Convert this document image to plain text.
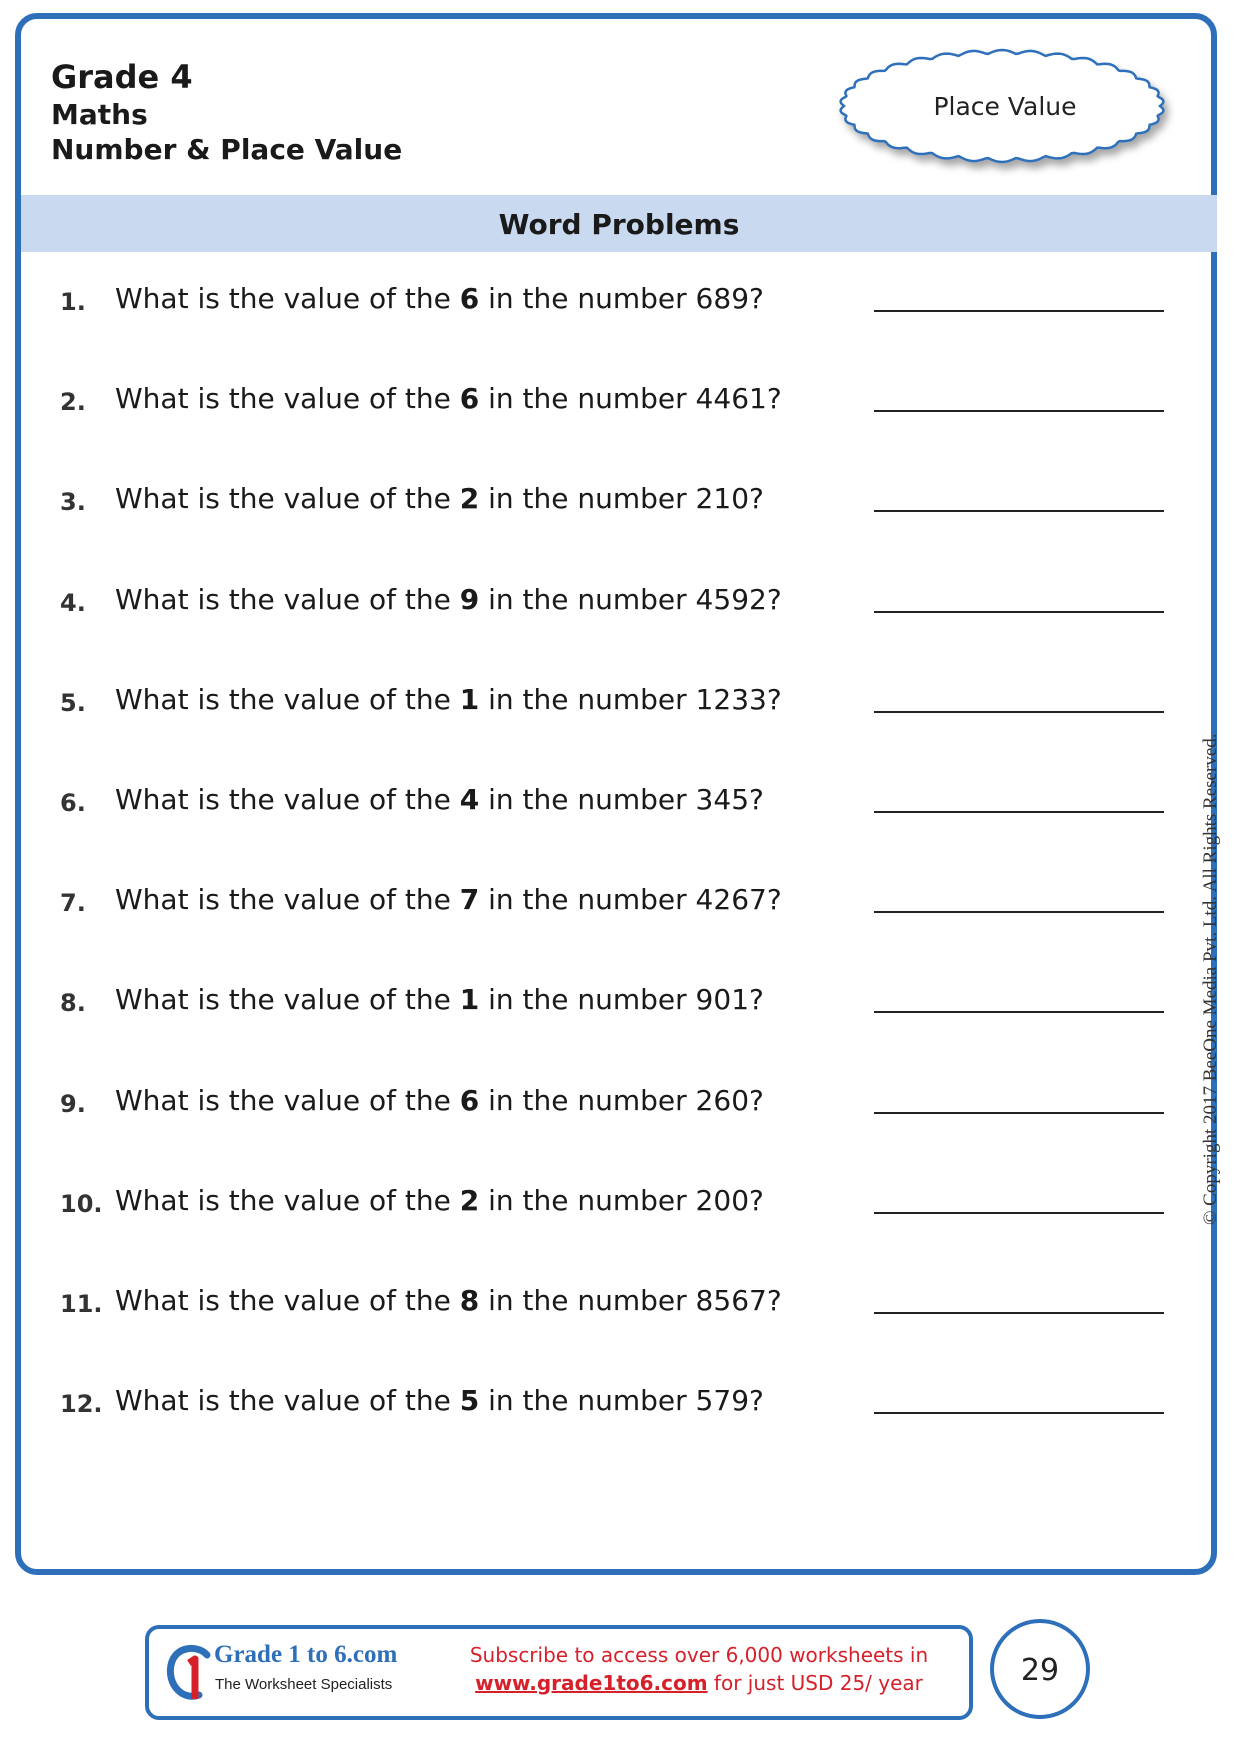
Grade 4
Maths
Number & Place Value
Place Value
Word Problems
1.	What is the value of the 6 in the number 689?
2.	What is the value of the 6 in the number 4461?
3.	What is the value of the 2 in the number 210?
4.	What is the value of the 9 in the number 4592?
5.	What is the value of the 1 in the number 1233?
6.	What is the value of the 4 in the number 345?
7.	What is the value of the 7 in the number 4267?
8.	What is the value of the 1 in the number 901?
9.	What is the value of the 6 in the number 260?
10. What is the value of the 2 in the number 200?
11. What is the value of the 8 in the number 8567?
12. What is the value of the 5 in the number 579?
© Copyright 2017 BeeOne Media Pvt. Ltd. All Rights Reserved.
Grade 1 to 6.com
The Worksheet Specialists
Subscribe to access over 6,000 worksheets in
www.grade1to6.com for just USD 25/ year	29
